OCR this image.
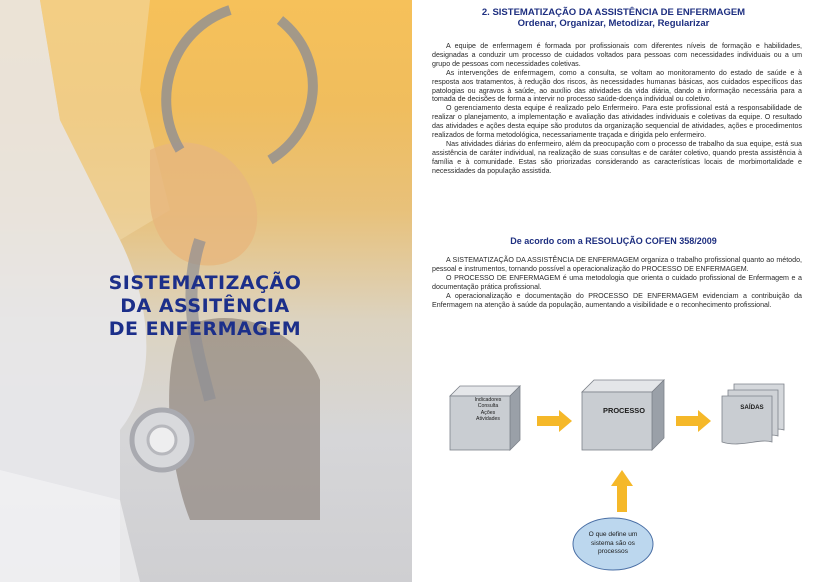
SISTEMATIZAÇÃO
DA ASSITÊNCIA
DE ENFERMAGEM
2. SISTEMATIZAÇÃO DA ASSISTÊNCIA DE ENFERMAGEM
Ordenar, Organizar, Metodizar, Regularizar

A equipe de enfermagem é formada por profissionais com diferentes níveis de formação e habilidades, designadas a conduzir um processo de cuidados voltados para pessoas com necessidades individuais ou a um grupo de pessoas com necessidades coletivas.

As intervenções de enfermagem, como a consulta, se voltam ao monitoramento do estado de saúde e à resposta aos tratamentos, à redução dos riscos, às necessidades humanas básicas, aos cuidados específicos das patologias ou agravos à saúde, ao auxílio das atividades da vida diária, dando a informação necessária para a tomada de decisões de forma a intervir no processo saúde-doença individual ou coletivo.

O gerenciamento desta equipe é realizado pelo Enfermeiro. Para este profissional está a responsabilidade de realizar o planejamento, a implementação e avaliação das atividades individuais e coletivas da equipe. O resultado das atividades e ações desta equipe são produtos da organização sequencial de atividades, ações e procedimentos realizados de forma metodológica, necessariamente traçada e dirigida pelo enfermeiro.

Nas atividades diárias do enfermeiro, além da preocupação com o processo de trabalho da sua equipe, está sua assistência de caráter individual, na realização de suas consultas e de caráter coletivo, quando presta assistência à família e à comunidade. Estas são priorizadas considerando as características locais de morbimortalidade e necessidades da população assistida.

De acordo com a RESOLUÇÃO COFEN 358/2009

A SISTEMATIZAÇÃO DA ASSISTÊNCIA DE ENFERMAGEM organiza o trabalho profissional quanto ao método, pessoal e instrumentos, tornando possível a operacionalização do PROCESSO DE ENFERMAGEM.

O PROCESSO DE ENFERMAGEM é uma metodologia que orienta o cuidado profissional de Enfermagem e a documentação prática profissional.

A operacionalização e documentação do PROCESSO DE ENFERMAGEM evidenciam a contribuição da Enfermagem na atenção à saúde da população, aumentando a visibilidade e o reconhecimento profissional.

Indicadores
Consulta
Ações
Atividades
PROCESSO	SAÍDAS
O que define um
sistema são os
processos
